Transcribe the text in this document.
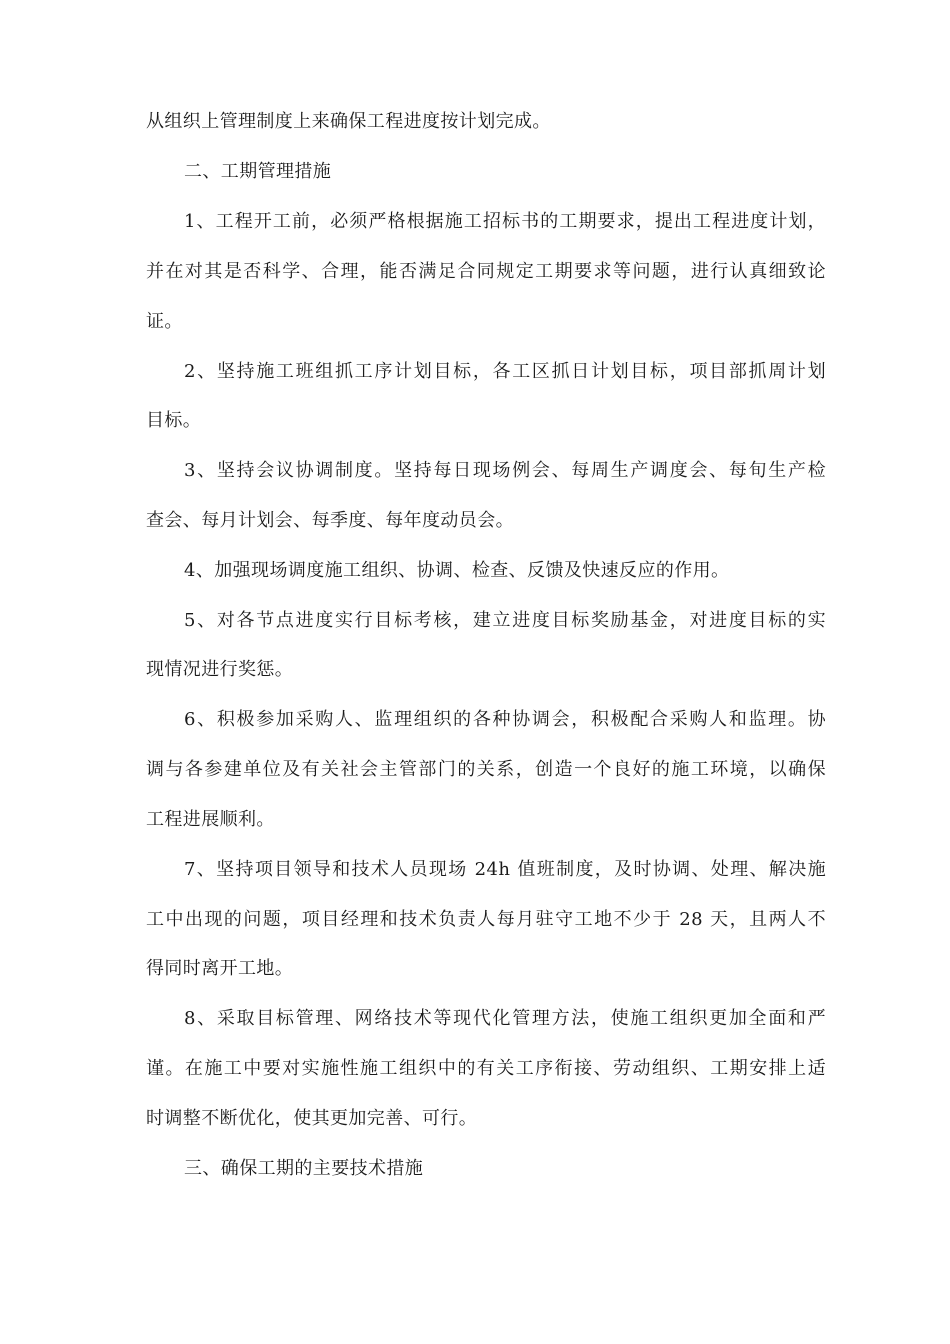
从组织上管理制度上来确保工程进度按计划完成。
二、工期管理措施
1、工程开工前，必须严格根据施工招标书的工期要求，提出工程进度计划，
并在对其是否科学、合理，能否满足合同规定工期要求等问题，进行认真细致论
证。
2、坚持施工班组抓工序计划目标，各工区抓日计划目标，项目部抓周计划
目标。
3、坚持会议协调制度。坚持每日现场例会、每周生产调度会、每旬生产检
查会、每月计划会、每季度、每年度动员会。
4、加强现场调度施工组织、协调、检查、反馈及快速反应的作用。
5、对各节点进度实行目标考核，建立进度目标奖励基金，对进度目标的实
现情况进行奖惩。
6、积极参加采购人、监理组织的各种协调会，积极配合采购人和监理。协
调与各参建单位及有关社会主管部门的关系，创造一个良好的施工环境，以确保
工程进展顺利。
7、坚持项目领导和技术人员现场 24h 值班制度，及时协调、处理、解决施
工中出现的问题，项目经理和技术负责人每月驻守工地不少于 28 天，且两人不
得同时离开工地。
8、采取目标管理、网络技术等现代化管理方法，使施工组织更加全面和严
谨。在施工中要对实施性施工组织中的有关工序衔接、劳动组织、工期安排上适
时调整不断优化，使其更加完善、可行。
三、确保工期的主要技术措施
